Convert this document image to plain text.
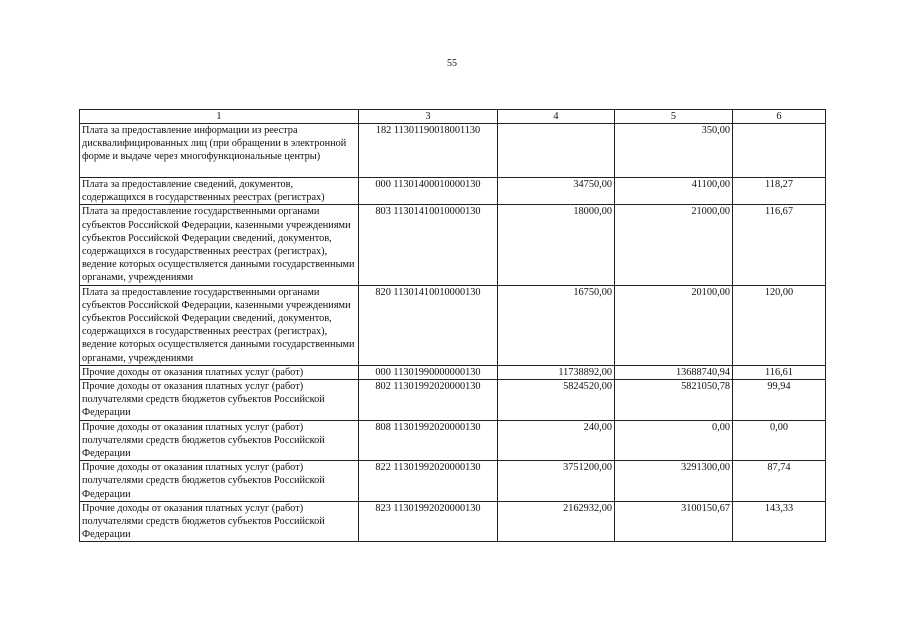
55
1	3	4	5	6
Плата за предоставление информации из реестра дисквалифицированных лиц (при обращении в электронной форме и выдаче через многофункциональные центры)	182 11301190018001130		350,00	
Плата за предоставление сведений, документов, содержащихся в государственных реестрах (регистрах)	000 11301400010000130	34750,00	41100,00	118,27
Плата за предоставление государственными органами субъектов Российской Федерации, казенными учреждениями субъектов Российской Федерации сведений, документов, содержащихся в государственных реестрах (регистрах), ведение которых осуществляется данными государственными органами, учреждениями	803 11301410010000130	18000,00	21000,00	116,67
Плата за предоставление государственными органами субъектов Российской Федерации, казенными учреждениями субъектов Российской Федерации сведений, документов, содержащихся в государственных реестрах (регистрах), ведение которых осуществляется данными государственными органами, учреждениями	820 11301410010000130	16750,00	20100,00	120,00
Прочие доходы от оказания платных услуг (работ)	000 11301990000000130	11738892,00	13688740,94	116,61
Прочие доходы от оказания платных услуг (работ) получателями средств бюджетов субъектов Российской Федерации	802 11301992020000130	5824520,00	5821050,78	99,94
Прочие доходы от оказания платных услуг (работ) получателями средств бюджетов субъектов Российской Федерации	808 11301992020000130	240,00	0,00	0,00
Прочие доходы от оказания платных услуг (работ) получателями средств бюджетов субъектов Российской Федерации	822 11301992020000130	3751200,00	3291300,00	87,74
Прочие доходы от оказания платных услуг (работ) получателями средств бюджетов субъектов Российской Федерации	823 11301992020000130	2162932,00	3100150,67	143,33
